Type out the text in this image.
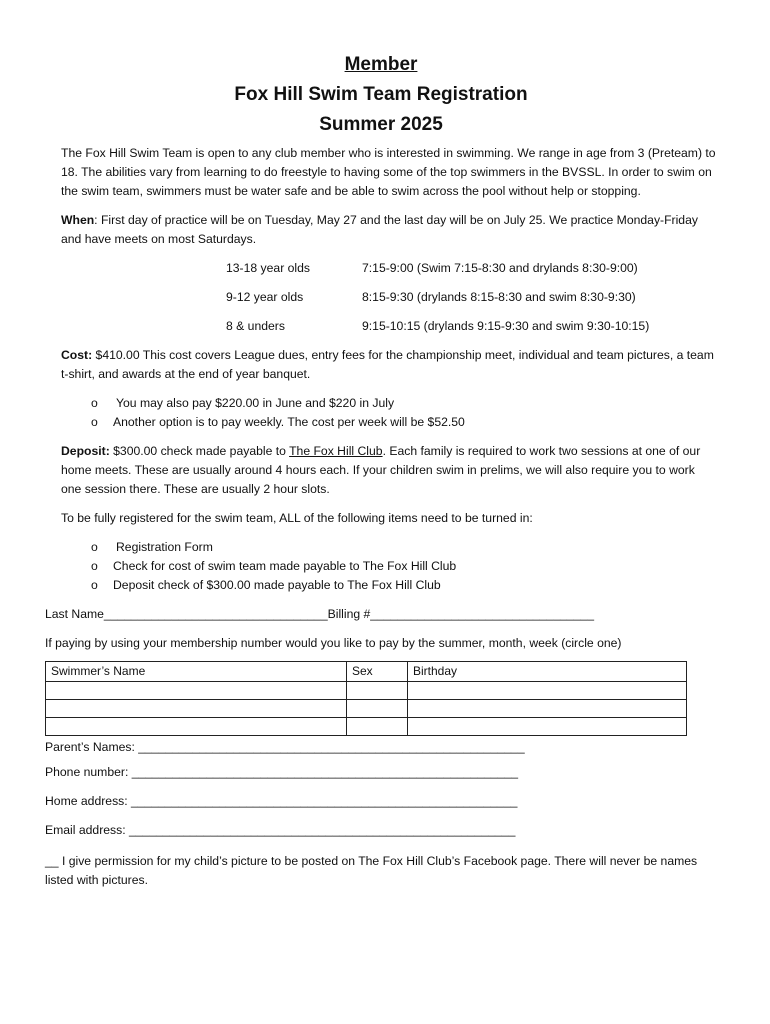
Member
Fox Hill Swim Team Registration
Summer 2025

The Fox Hill Swim Team is open to any club member who is interested in swimming. We range in age from 3 (Preteam) to 18. The abilities vary from learning to do freestyle to having some of the top swimmers in the BVSSL. In order to swim on the swim team, swimmers must be water safe and be able to swim across the pool without help or stopping.

When: First day of practice will be on Tuesday, May 27 and the last day will be on July 25. We practice Monday-Friday and have meets on most Saturdays.

13-18 year olds	7:15-9:00 (Swim 7:15-8:30 and drylands 8:30-9:00)
9-12 year olds	8:15-9:30 (drylands 8:15-8:30 and swim 8:30-9:30)
8 & unders	9:15-10:15 (drylands 9:15-9:30 and swim 9:30-10:15)

Cost: $410.00 This cost covers League dues, entry fees for the championship meet, individual and team pictures, a team t-shirt, and awards at the end of year banquet.

o	You may also pay $220.00 in June and $220 in July
o	Another option is to pay weekly. The cost per week will be $52.50

Deposit: $300.00 check made payable to The Fox Hill Club. Each family is required to work two sessions at one of our home meets. These are usually around 4 hours each. If your children swim in prelims, we will also require you to work one session there. These are usually 2 hour slots.

To be fully registered for the swim team, ALL of the following items need to be turned in:

o	Registration Form
o	Check for cost of swim team made payable to The Fox Hill Club
o	Deposit check of $300.00 made payable to The Fox Hill Club
Last Name_________________________________ Billing #_________________________________
If paying by using your membership number would you like to pay by the summer, month, week (circle one)
Swimmer’s Name	Sex	Birthday

Parent’s Names: _________________________________________________________
Phone number: _________________________________________________________
Home address: _________________________________________________________
Email address: _________________________________________________________

__ I give permission for my child’s picture to be posted on The Fox Hill Club’s Facebook page. There will never be names listed with pictures.
